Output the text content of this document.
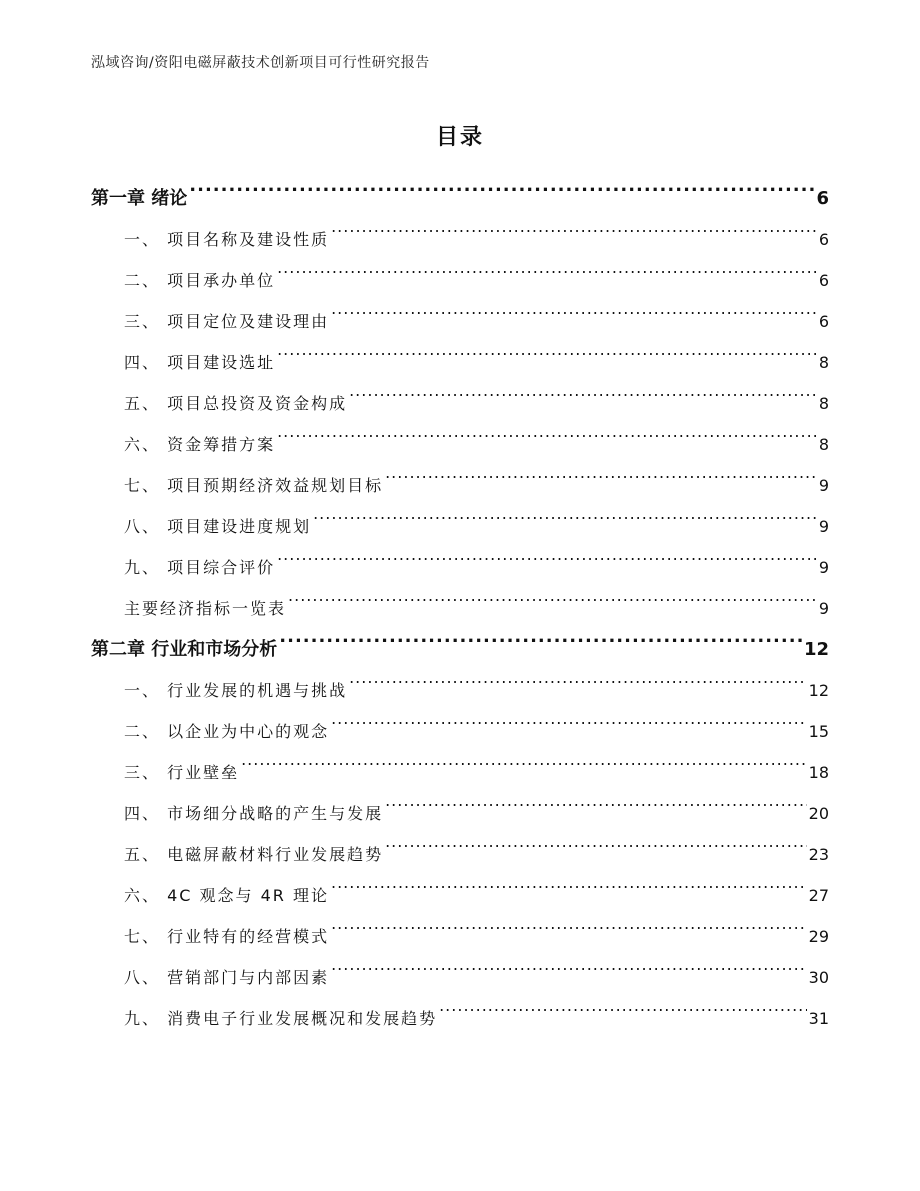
泓域咨询/资阳电磁屏蔽技术创新项目可行性研究报告
目录
第一章 绪论 .....	6
一、 项目名称及建设性质 .....	6
二、 项目承办单位 .....	6
三、 项目定位及建设理由 .....	6
四、 项目建设选址 .....	8
五、 项目总投资及资金构成 .....	8
六、 资金筹措方案 .....	8
七、 项目预期经济效益规划目标 .....	9
八、 项目建设进度规划 .....	9
九、 项目综合评价 .....	9
主要经济指标一览表 .....	9
第二章 行业和市场分析 .....	12
一、 行业发展的机遇与挑战 .....	12
二、 以企业为中心的观念 .....	15
三、 行业壁垒 .....	18
四、 市场细分战略的产生与发展 .....	20
五、 电磁屏蔽材料行业发展趋势 .....	23
六、 4C 观念与 4R 理论 .....	27
七、 行业特有的经营模式 .....	29
八、 营销部门与内部因素 .....	30
九、 消费电子行业发展概况和发展趋势 .....	31
